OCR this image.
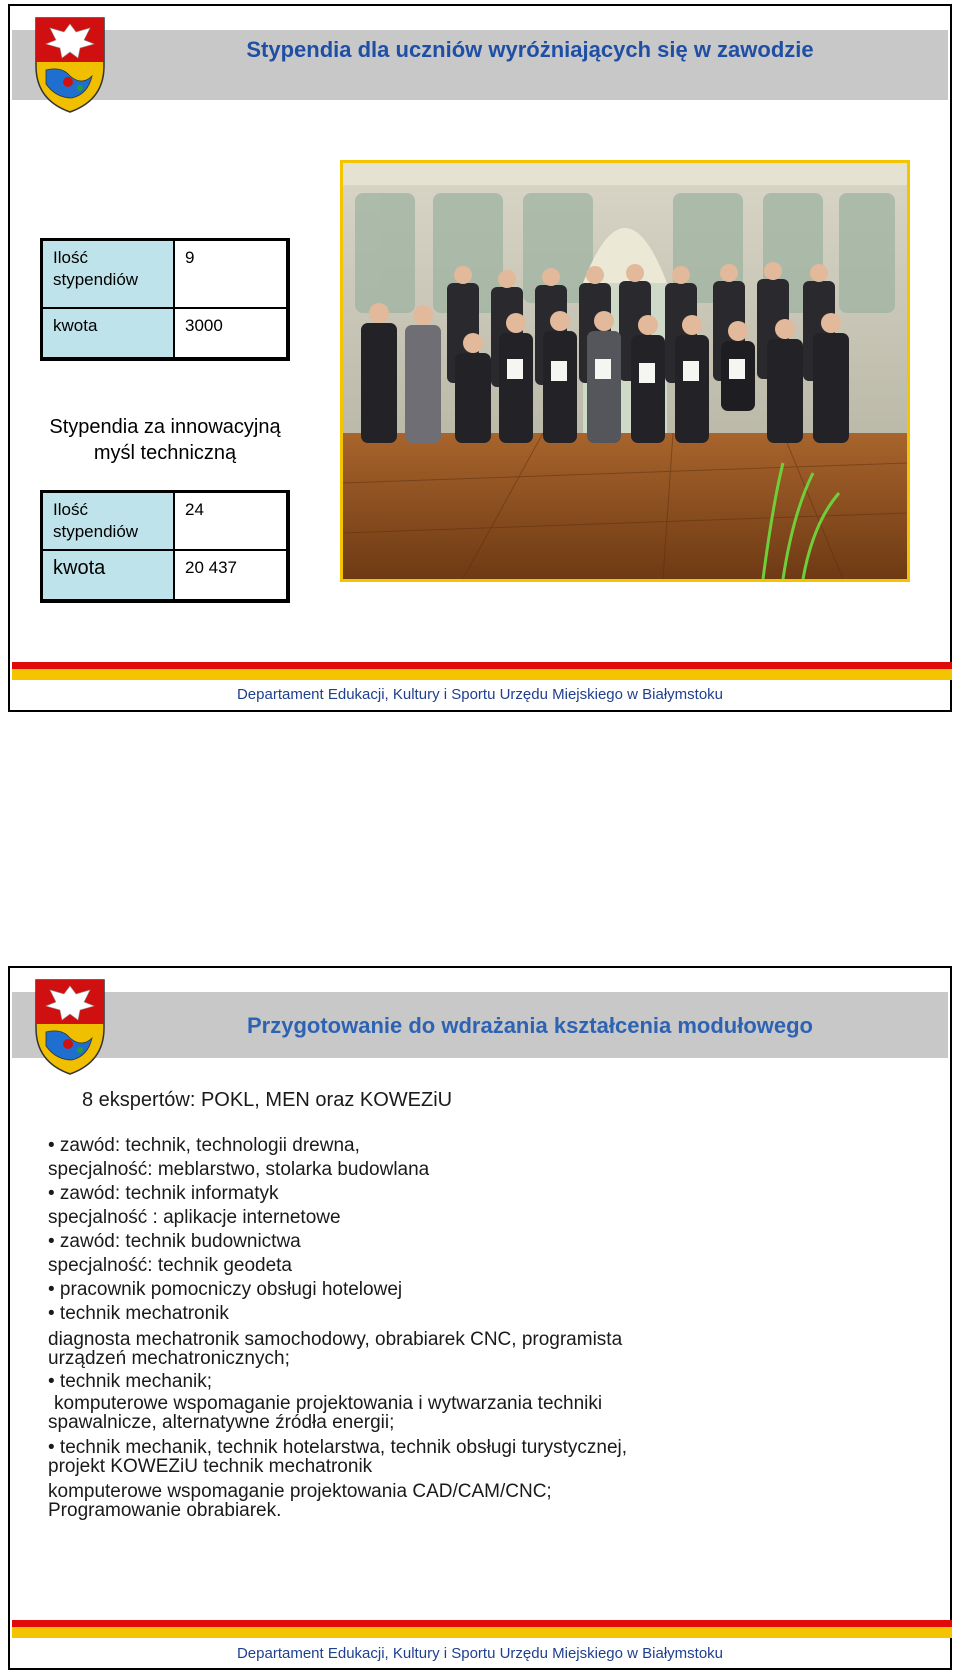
Stypendia dla uczniów wyróżniających się w zawodzie
Ilość stypendiów
9
kwota	3000
Stypendia za innowacyjną myśl techniczną
Ilość stypendiów
24
kwota	20 437
Departament Edukacji, Kultury i Sportu Urzędu Miejskiego w Białymstoku
Przygotowanie do wdrażania kształcenia modułowego
8 ekspertów: POKL, MEN oraz KOWEZiU
• zawód: technik, technologii drewna,
specjalność: meblarstwo, stolarka budowlana
• zawód: technik informatyk
specjalność : aplikacje internetowe
• zawód: technik budownictwa
specjalność: technik geodeta
• pracownik pomocniczy obsługi hotelowej
• technik mechatronik
diagnosta mechatronik samochodowy, obrabiarek CNC, programista
urządzeń mechatronicznych;
• technik mechanik;
komputerowe wspomaganie projektowania i wytwarzania techniki
spawalnicze, alternatywne źródła energii;
• technik mechanik, technik hotelarstwa, technik obsługi turystycznej,
projekt KOWEZiU technik mechatronik
komputerowe wspomaganie projektowania CAD/CAM/CNC;
Programowanie obrabiarek.
Departament Edukacji, Kultury i Sportu Urzędu Miejskiego w Białymstoku
